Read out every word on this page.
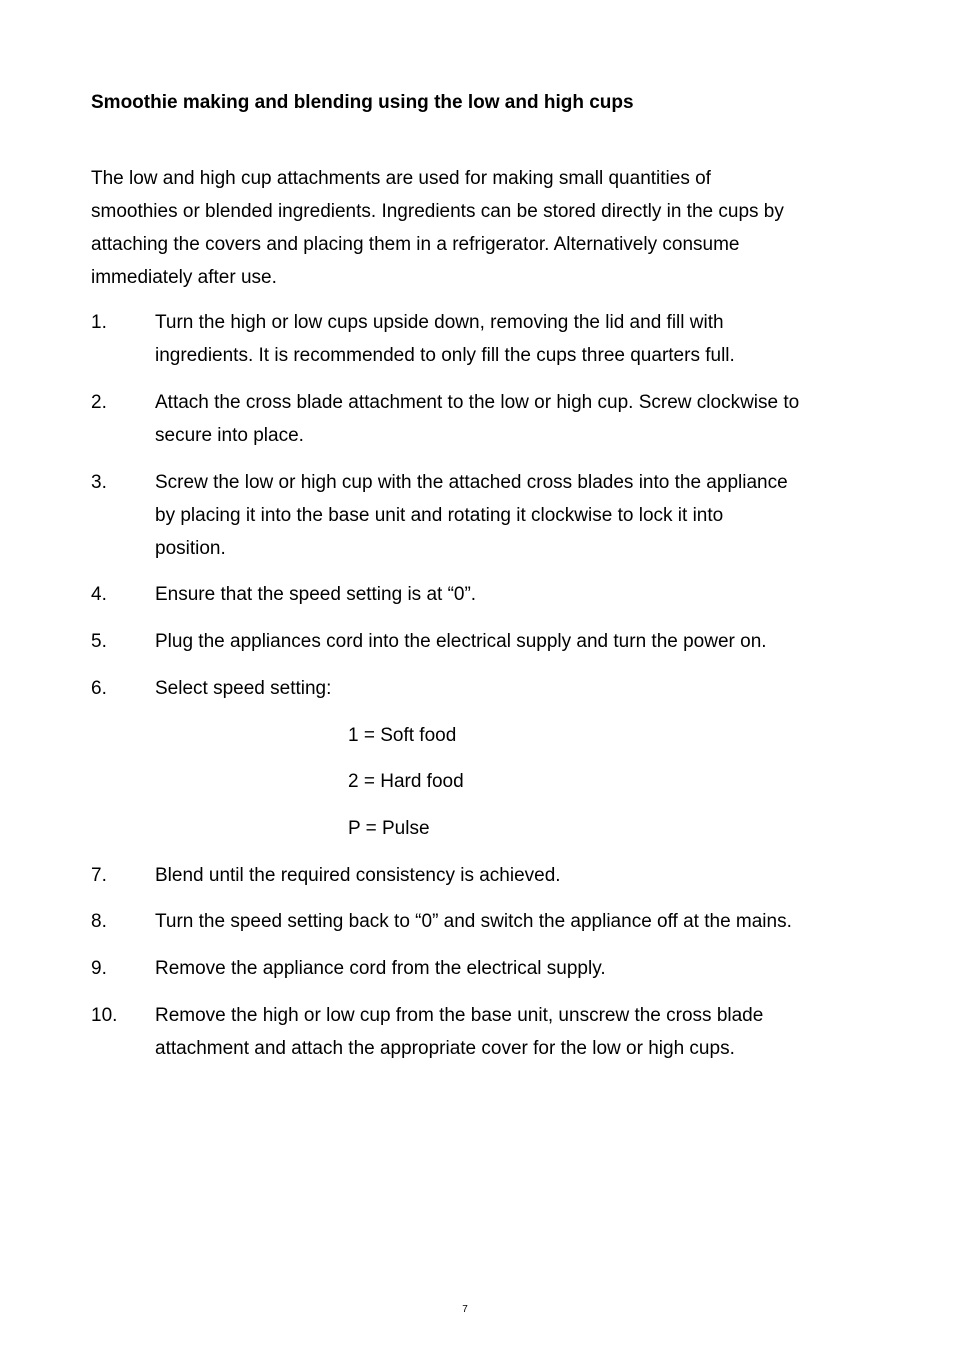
Smoothie making and blending using the low and high cups
The low and high cup attachments are used for making small quantities of
smoothies or blended ingredients. Ingredients can be stored directly in the cups by
attaching the covers and placing them in a refrigerator. Alternatively consume
immediately after use.
1.	Turn the high or low cups upside down, removing the lid and fill with
ingredients. It is recommended to only fill the cups three quarters full.
2.	Attach the cross blade attachment to the low or high cup. Screw clockwise to
secure into place.
3.	Screw the low or high cup with the attached cross blades into the appliance
by placing it into the base unit and rotating it clockwise to lock it into
position.
4.	Ensure that the speed setting is at “0”.
5.	Plug the appliances cord into the electrical supply and turn the power on.
6.	Select speed setting:
1 = Soft food
2 = Hard food
P = Pulse
7.	Blend until the required consistency is achieved.
8.	Turn the speed setting back to “0” and switch the appliance off at the mains.
9.	Remove the appliance cord from the electrical supply.
10.	Remove the high or low cup from the base unit, unscrew the cross blade
attachment and attach the appropriate cover for the low or high cups.
7
